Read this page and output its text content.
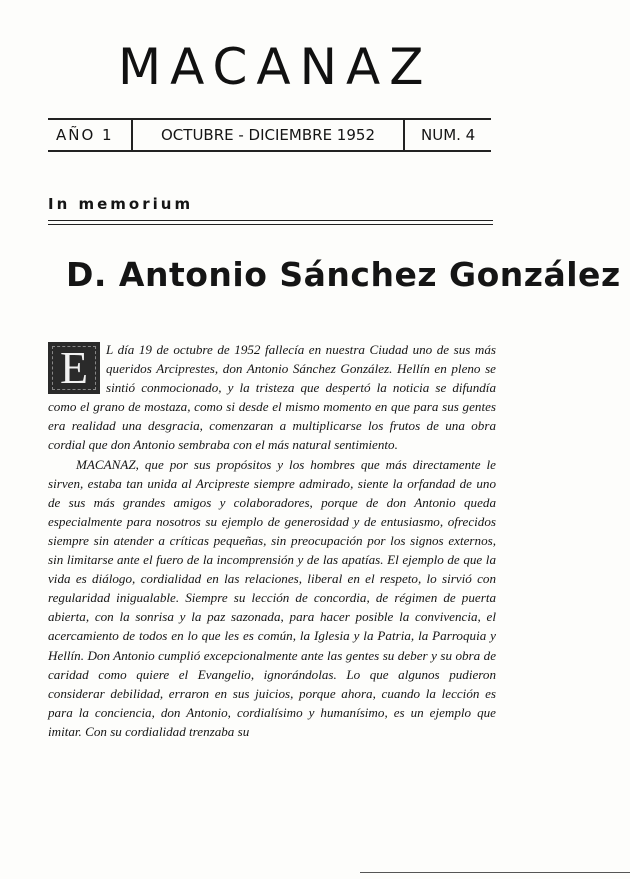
MACANAZ
AÑO 1	OCTUBRE - DICIEMBRE 1952	NUM. 4
In memorium
D. Antonio Sánchez González

E	L día 19 de octubre de 1952 fallecía en nuestra Ciudad uno de sus más queridos Arciprestes, don Antonio Sánchez González. Hellín en pleno se sintió conmocionado, y la tristeza que despertó la noticia se difundía como el grano de mostaza, como si desde el mismo momento en que para sus gentes era realidad una desgracia, comenzaran a multiplicarse los frutos de una obra cordial que don Antonio sembraba con el más natural sentimiento.

MACANAZ, que por sus propósitos y los hombres que más directamente le sirven, estaba tan unida al Arcipreste siempre admirado, siente la orfandad de uno de sus más grandes amigos y colaboradores, porque de don Antonio queda especialmente para nosotros su ejemplo de generosidad y de entusiasmo, ofrecidos siempre sin atender a críticas pequeñas, sin preocupación por los signos externos, sin limitarse ante el fuero de la incomprensión y de las apatías. El ejemplo de que la vida es diálogo, cordialidad en las relaciones, liberal en el respeto, lo sirvió con regularidad inigualable. Siempre su lección de concordia, de régimen de puerta abierta, con la sonrisa y la paz sazonada, para hacer posible la convivencia, el acercamiento de todos en lo que les es común, la Iglesia y la Patria, la Parroquia y Hellín. Don Antonio cumplió excepcionalmente ante las gentes su deber y su obra de caridad como quiere el Evangelio, ignorándolas. Lo que algunos pudieron considerar debilidad, erraron en sus juicios, porque ahora, cuando la lección es para la conciencia, don Antonio, cordialísimo y humanísimo, es un ejemplo que imitar. Con su cordialidad trenzaba su
